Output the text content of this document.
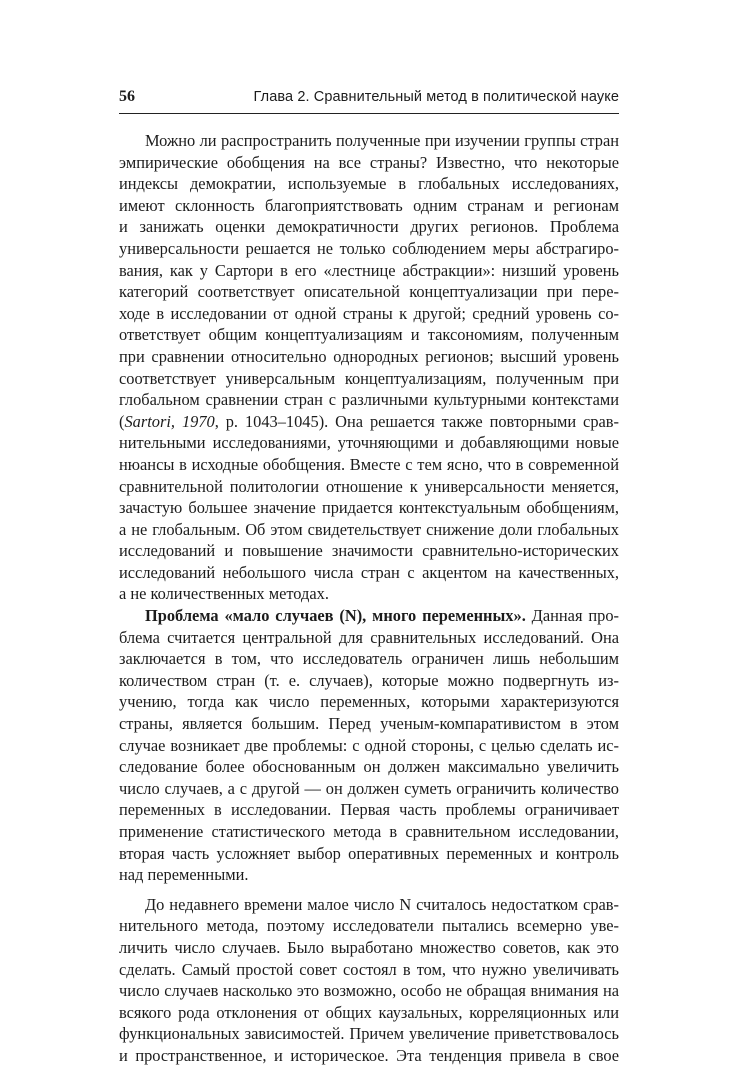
56	Глава 2. Сравнительный метод в политической науке
Можно ли распространить полученные при изучении группы стран
эмпирические обобщения на все страны? Известно, что некоторые
индексы демократии, используемые в глобальных исследованиях,
имеют склонность благоприятствовать одним странам и регионам
и занижать оценки демократичности других регионов. Проблема
универсальности решается не только соблюдением меры абстрагиро-
вания, как у Сартори в его «лестнице абстракции»: низший уровень
категорий соответствует описательной концептуализации при пере-
ходе в исследовании от одной страны к другой; средний уровень со-
ответствует общим концептуализациям и таксономиям, полученным
при сравнении относительно однородных регионов; высший уровень
соответствует универсальным концептуализациям, полученным при
глобальном сравнении стран с различными культурными контекстами
(Sartori, 1970, p. 1043–1045). Она решается также повторными срав-
нительными исследованиями, уточняющими и добавляющими новые
нюансы в исходные обобщения. Вместе с тем ясно, что в современной
сравнительной политологии отношение к универсальности меняется,
зачастую большее значение придается контекстуальным обобщениям,
а не глобальным. Об этом свидетельствует снижение доли глобальных
исследований и повышение значимости сравнительно-исторических
исследований небольшого числа стран с акцентом на качественных,
а не количественных методах.
Проблема «мало случаев (N), много переменных». Данная про-
блема считается центральной для сравнительных исследований. Она
заключается в том, что исследователь ограничен лишь небольшим
количеством стран (т. е. случаев), которые можно подвергнуть из-
учению, тогда как число переменных, которыми характеризуются
страны, является большим. Перед ученым-компаративистом в этом
случае возникает две проблемы: с одной стороны, с целью сделать ис-
следование более обоснованным он должен максимально увеличить
число случаев, а с другой — он должен суметь ограничить количество
переменных в исследовании. Первая часть проблемы ограничивает
применение статистического метода в сравнительном исследовании,
вторая часть усложняет выбор оперативных переменных и контроль
над переменными.
До недавнего времени малое число N считалось недостатком срав-
нительного метода, поэтому исследователи пытались всемерно уве-
личить число случаев. Было выработано множество советов, как это
сделать. Самый простой совет состоял в том, что нужно увеличивать
число случаев насколько это возможно, особо не обращая внимания на
всякого рода отклонения от общих каузальных, корреляционных или
функциональных зависимостей. Причем увеличение приветствовалось
и пространственное, и историческое. Эта тенденция привела в свое
